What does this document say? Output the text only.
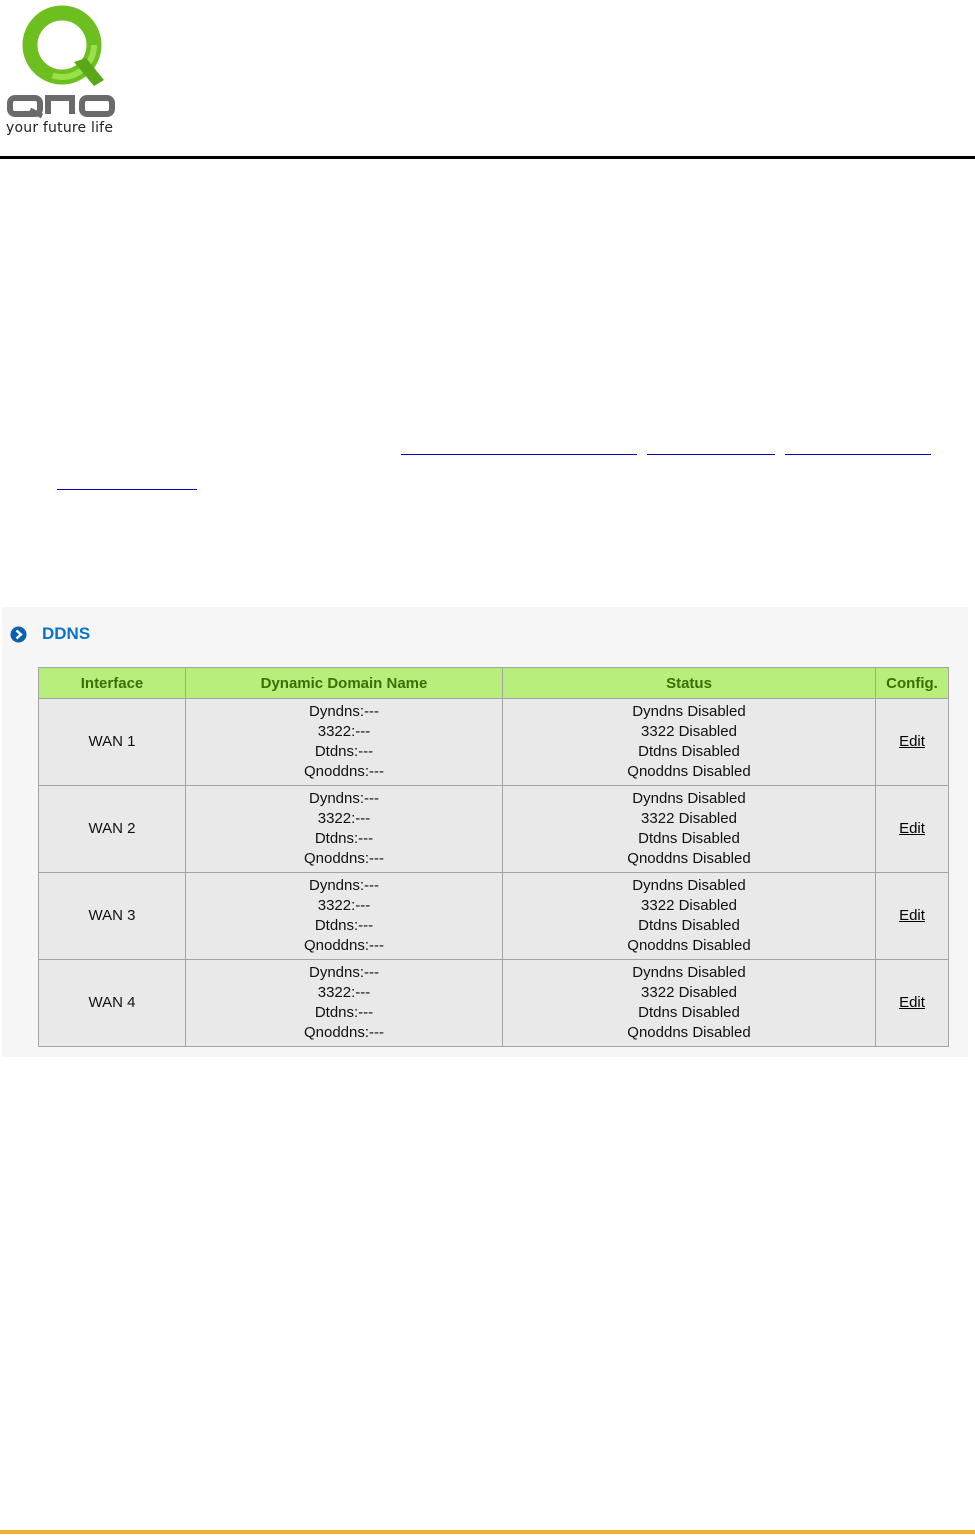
your future life
DDNS
Interface	Dynamic Domain Name	Status	Config.
WAN 1	Dyndns:---
3322:---
Dtdns:---
Qnoddns:---	Dyndns Disabled
3322 Disabled
Dtdns Disabled
Qnoddns Disabled	Edit
WAN 2	Dyndns:---
3322:---
Dtdns:---
Qnoddns:---	Dyndns Disabled
3322 Disabled
Dtdns Disabled
Qnoddns Disabled	Edit
WAN 3	Dyndns:---
3322:---
Dtdns:---
Qnoddns:---	Dyndns Disabled
3322 Disabled
Dtdns Disabled
Qnoddns Disabled	Edit
WAN 4	Dyndns:---
3322:---
Dtdns:---
Qnoddns:---	Dyndns Disabled
3322 Disabled
Dtdns Disabled
Qnoddns Disabled	Edit
